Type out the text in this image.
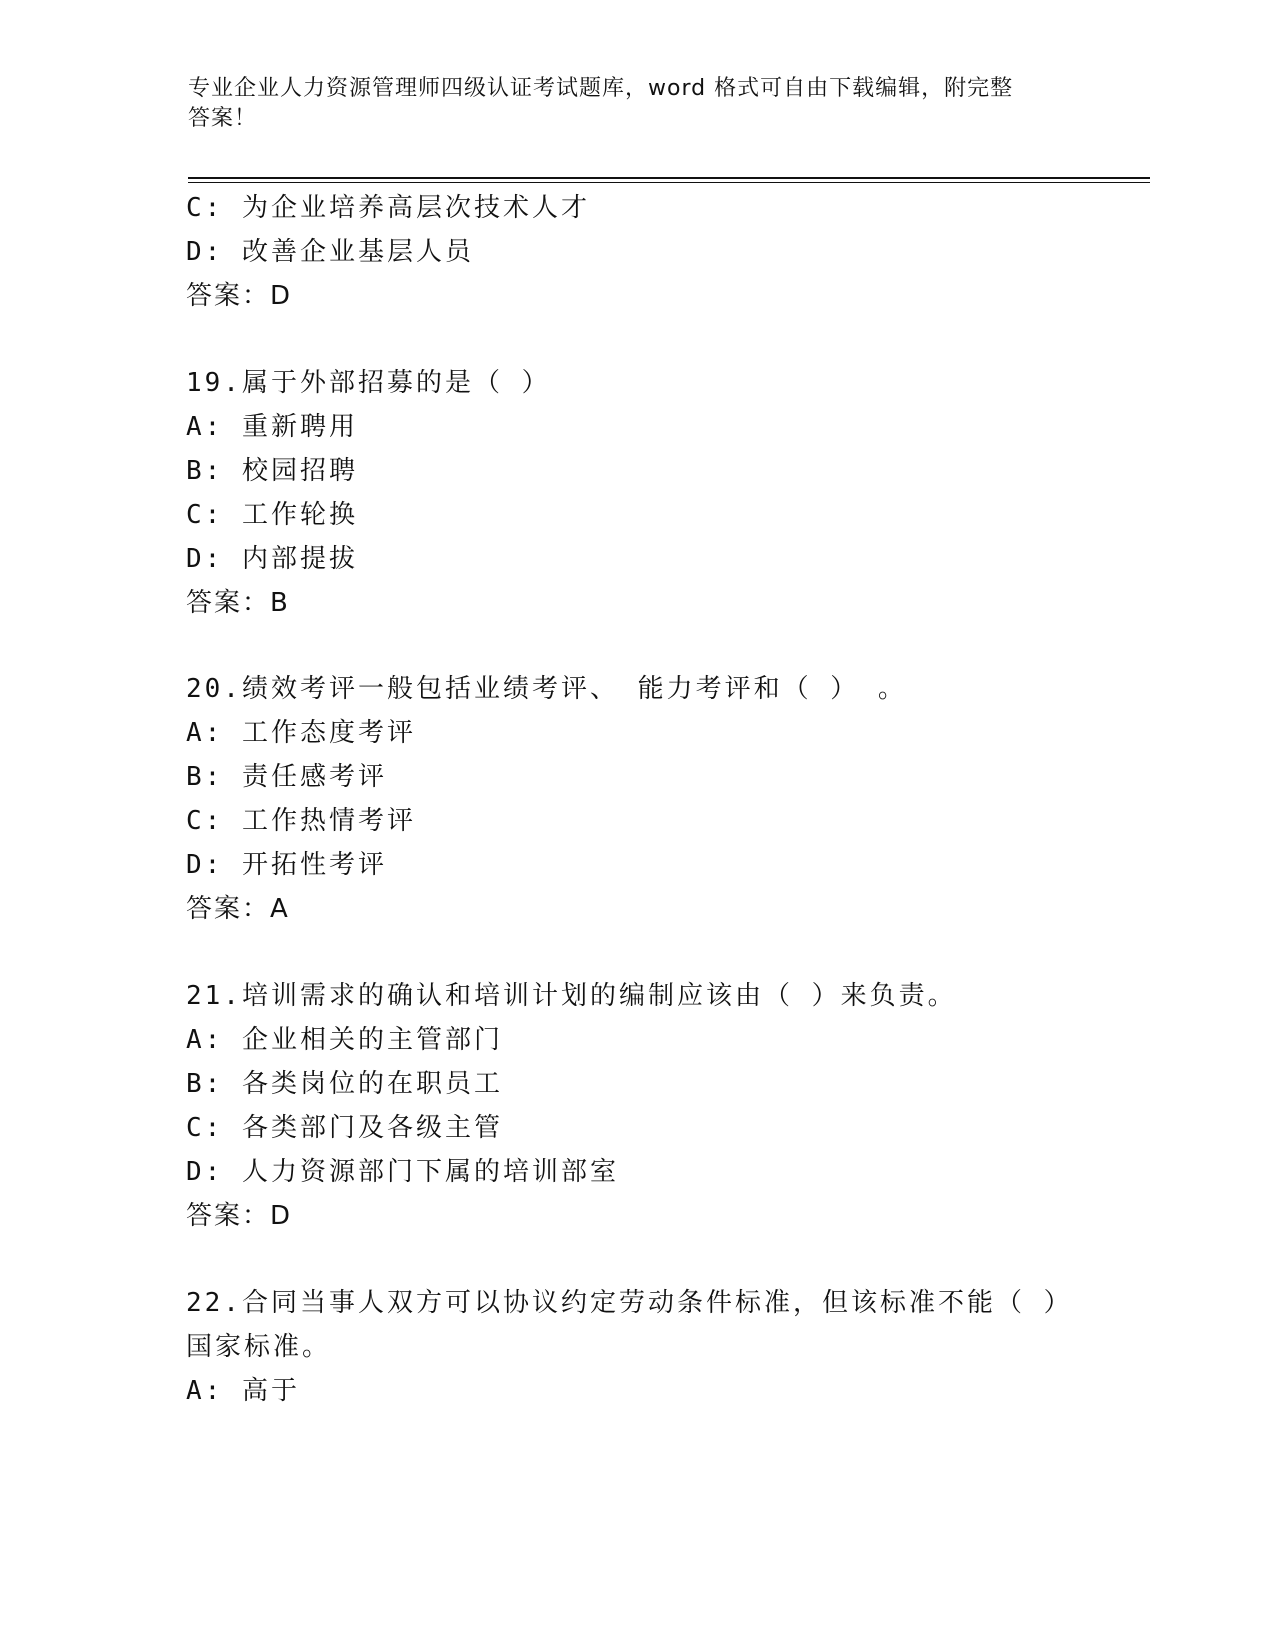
专业企业人力资源管理师四级认证考试题库，word 格式可自由下载编辑，附完整
答案！
C: 为企业培养高层次技术人才
D: 改善企业基层人员
答案：D
19.属于外部招募的是（ ）
A: 重新聘用
B: 校园招聘
C: 工作轮换
D: 内部提拔
答案：B
20.绩效考评一般包括业绩考评、 能力考评和（ ） 。
A: 工作态度考评
B: 责任感考评
C: 工作热情考评
D: 开拓性考评
答案：A
21.培训需求的确认和培训计划的编制应该由（ ）来负责。
A: 企业相关的主管部门
B: 各类岗位的在职员工
C: 各类部门及各级主管
D: 人力资源部门下属的培训部室
答案：D
22.合同当事人双方可以协议约定劳动条件标准，但该标准不能（ ）
国家标准。
A: 高于
